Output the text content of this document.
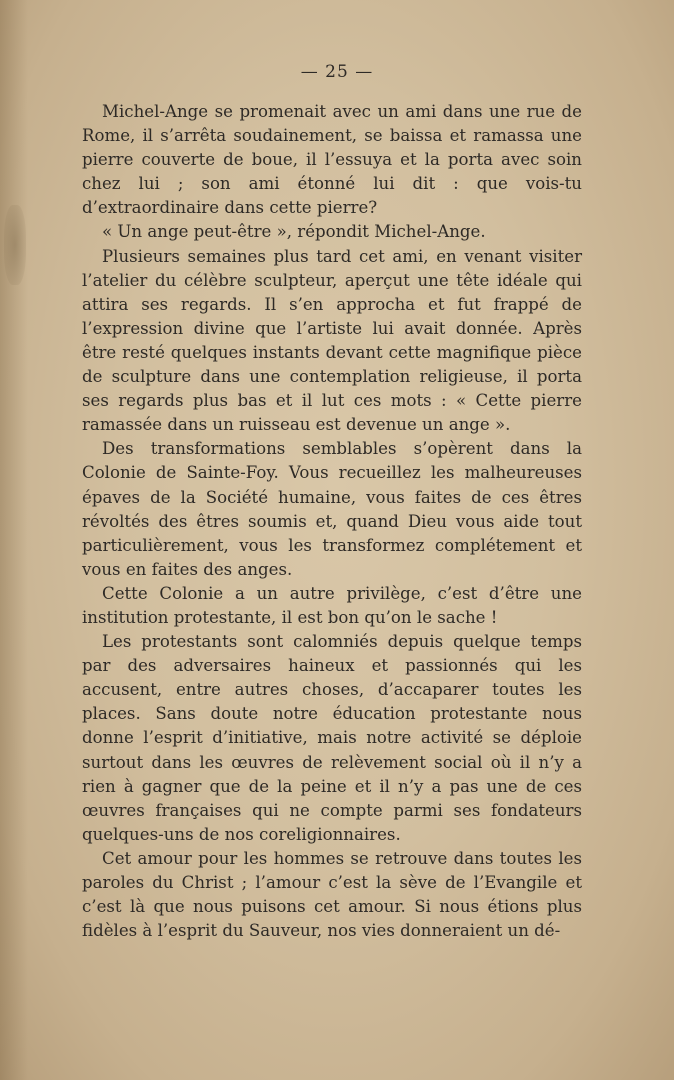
— 25 —

Michel-Ange se promenait avec un ami dans une rue de Rome, il s’arrêta soudainement, se baissa et ramassa une pierre couverte de boue, il l’essuya et la porta avec soin chez lui ; son ami étonné lui dit : que vois-tu d’extraordinaire dans cette pierre?

« Un ange peut-être », répondit Michel-Ange.

Plusieurs semaines plus tard cet ami, en venant visiter l’atelier du célèbre sculpteur, aperçut une tête idéale qui attira ses regards. Il s’en approcha et fut frappé de l’expression divine que l’artiste lui avait donnée. Après être resté quelques instants devant cette magnifique pièce de sculpture dans une contemplation religieuse, il porta ses regards plus bas et il lut ces mots : « Cette pierre ramassée dans un ruisseau est devenue un ange ».

Des transformations semblables s’opèrent dans la Colonie de Sainte-Foy. Vous recueillez les malheureuses épaves de la Société humaine, vous faites de ces êtres révoltés des êtres soumis et, quand Dieu vous aide tout particulièrement, vous les transformez complétement et vous en faites des anges.

Cette Colonie a un autre privilège, c’est d’être une institution protestante, il est bon qu’on le sache !

Les protestants sont calomniés depuis quelque temps par des adversaires haineux et passionnés qui les accusent, entre autres choses, d’accaparer toutes les places. Sans doute notre éducation protestante nous donne l’esprit d’initiative, mais notre activité se déploie surtout dans les œuvres de relèvement social où il n’y a rien à gagner que de la peine et il n’y a pas une de ces œuvres françaises qui ne compte parmi ses fondateurs quelques-uns de nos coreligionnaires.

Cet amour pour les hommes se retrouve dans toutes les paroles du Christ ; l’amour c’est la sève de l’Evangile et c’est là que nous puisons cet amour. Si nous étions plus fidèles à l’esprit du Sauveur, nos vies donneraient un dé-
